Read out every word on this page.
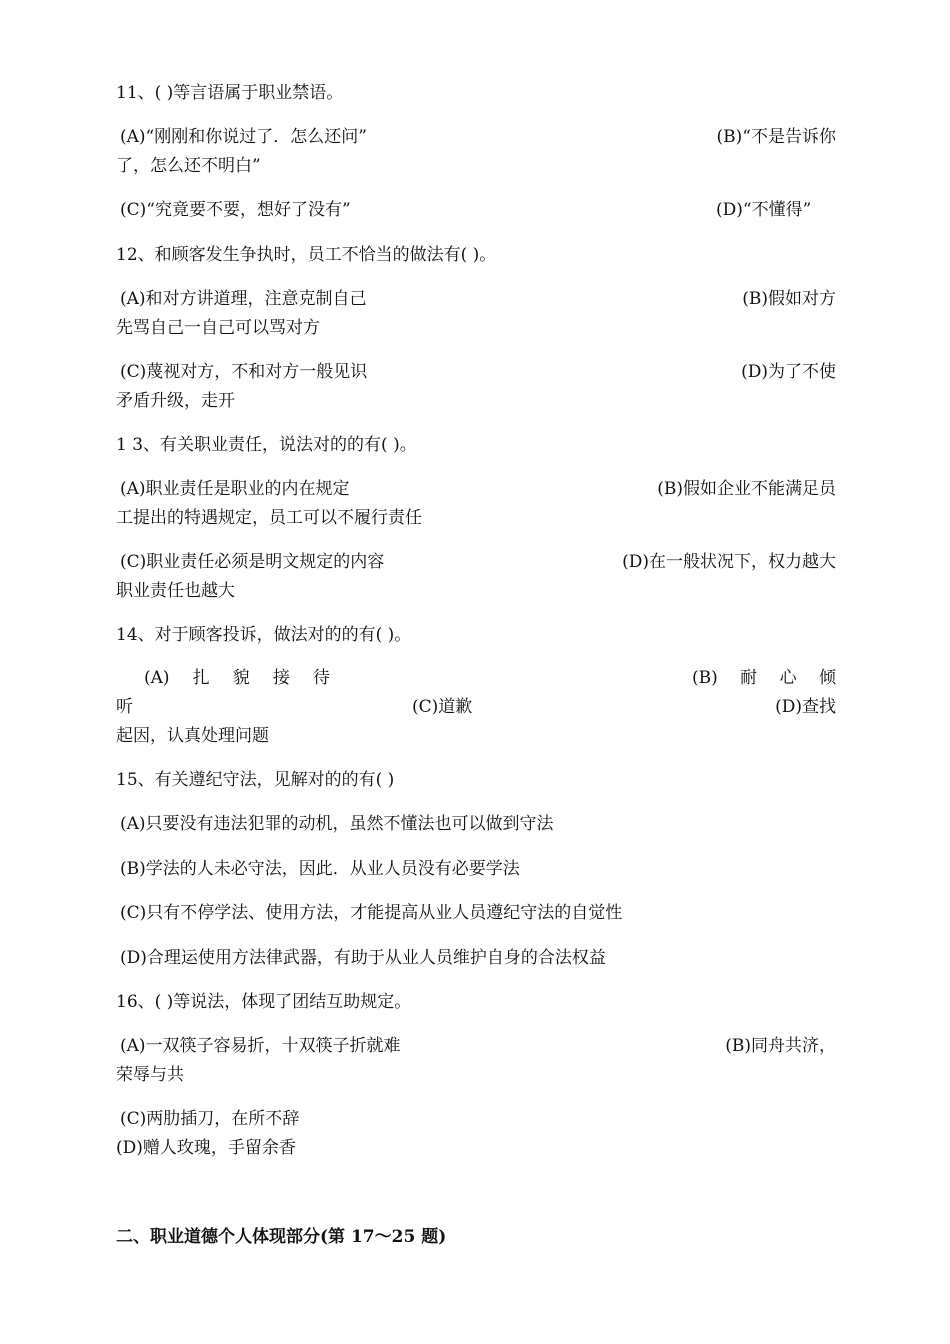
11、( )等言语属于职业禁语。
(A)“刚刚和你说过了．怎么还问”	(B)“不是告诉你
了，怎么还不明白”
(C)“究竟要不要，想好了没有”	(D)“不懂得”
12、和顾客发生争执时，员工不恰当的做法有( )。
(A)和对方讲道理，注意克制自己	(B)假如对方
先骂自己一自己可以骂对方
(C)蔑视对方，不和对方一般见识	(D)为了不使
矛盾升级，走开
1 3、有关职业责任，说法对的的有( )。
(A)职业责任是职业的内在规定	(B)假如企业不能满足员
工提出的特遇规定，员工可以不履行责任
(C)职业责任必须是明文规定的内容	(D)在一般状况下，权力越大
职业责任也越大
14、对于顾客投诉，做法对的的有( )。
(A) 扎 貌 接 待	(B) 耐 心 倾
听	(C)道歉	(D)查找
起因，认真处理问题
15、有关遵纪守法，见解对的的有( )
(A)只要没有违法犯罪的动机，虽然不懂法也可以做到守法
(B)学法的人未必守法，因此．从业人员没有必要学法
(C)只有不停学法、使用方法，才能提高从业人员遵纪守法的自觉性
(D)合理运使用方法律武器，有助于从业人员维护自身的合法权益
16、( )等说法，体现了团结互助规定。
(A)一双筷子容易折，十双筷子折就难	(B)同舟共济，
荣辱与共
(C)两肋插刀，在所不辞
(D)赠人玫瑰，手留余香
二、职业道德个人体现部分(第 17～25 题)
